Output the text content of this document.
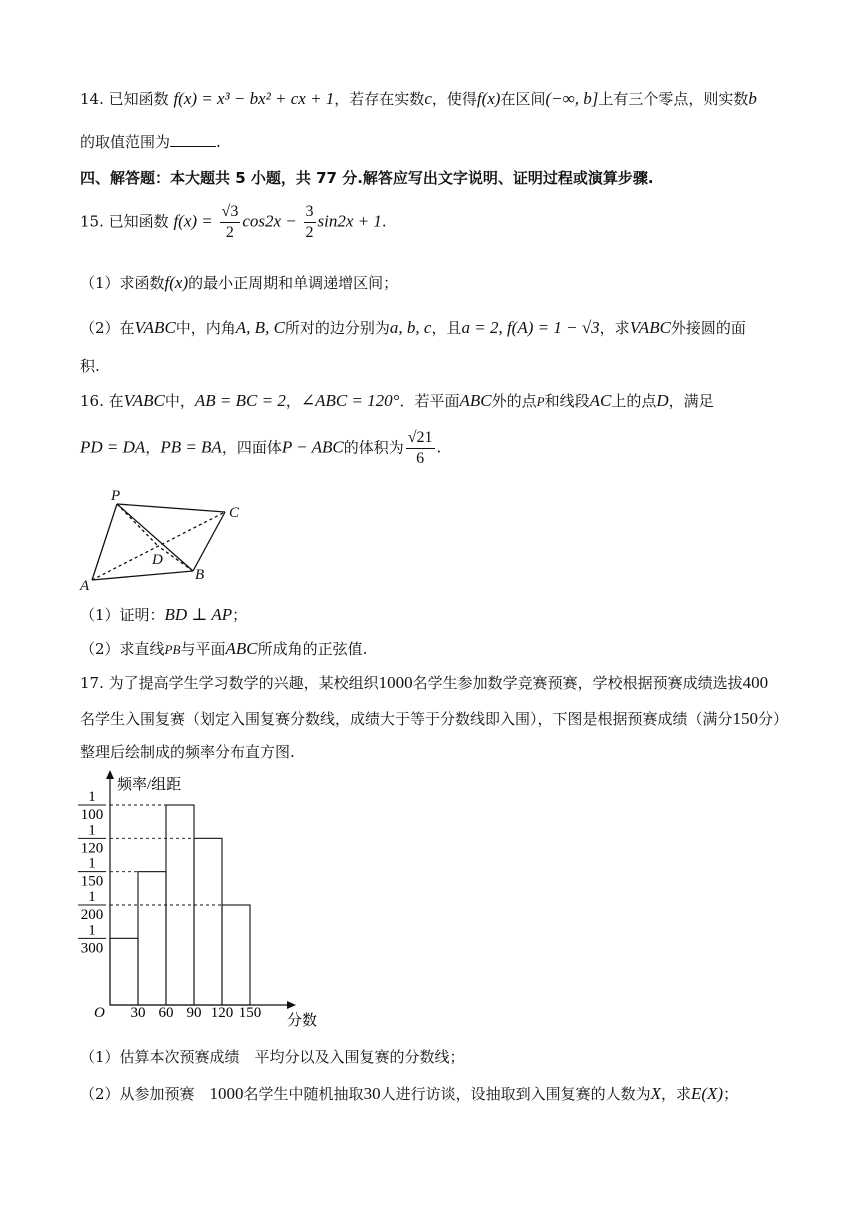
14. 已知函数 f(x) = x³ − bx² + cx + 1，若存在实数c，使得f(x)在区间(−∞, b]上有三个零点，则实数b
的取值范围为	.
四、解答题：本大题共 5 小题，共 77 分.解答应写出文字说明、证明过程或演算步骤.
15. 已知函数 $f(x) = \frac{√3}{2} \cos 2x - \frac{3}{2} \sin 2x + 1$.
（1）求函数f(x)的最小正周期和单调递增区间；
（2）在VABC中，内角A, B, C所对的边分别为a, b, c，且a = 2, f(A) = 1 − √3，求VABC外接圆的面
积.
16. 在VABC中，AB = BC = 2，∠ABC = 120°．若平面ABC外的点P和线段AC上的点D，满足
PD = DA，PB = BA，四面体P − ABC的体积为 $\frac{√21}{6}$ .
P
C
D
A
B
（1）证明：BD ⊥ AP；
（2）求直线PB与平面ABC所成角的正弦值.
17. 为了提高学生学习数学的兴趣，某校组织1000名学生参加数学竞赛预赛，学校根据预赛成绩选拔400
名学生入围复赛（划定入围复赛分数线，成绩大于等于分数线即入围），下图是根据预赛成绩（满分150分）
整理后绘制成的频率分布直方图.
频率/组距
分数
O 30 60 90 120 150
1
100
1
120
1
150
1
200
1
300
（1）估算本次预赛成绩　平均分以及入围复赛的分数线；
（2）从参加预赛　1000名学生中随机抽取30人进行访谈，设抽取到入围复赛的人数为X，求E(X)；
